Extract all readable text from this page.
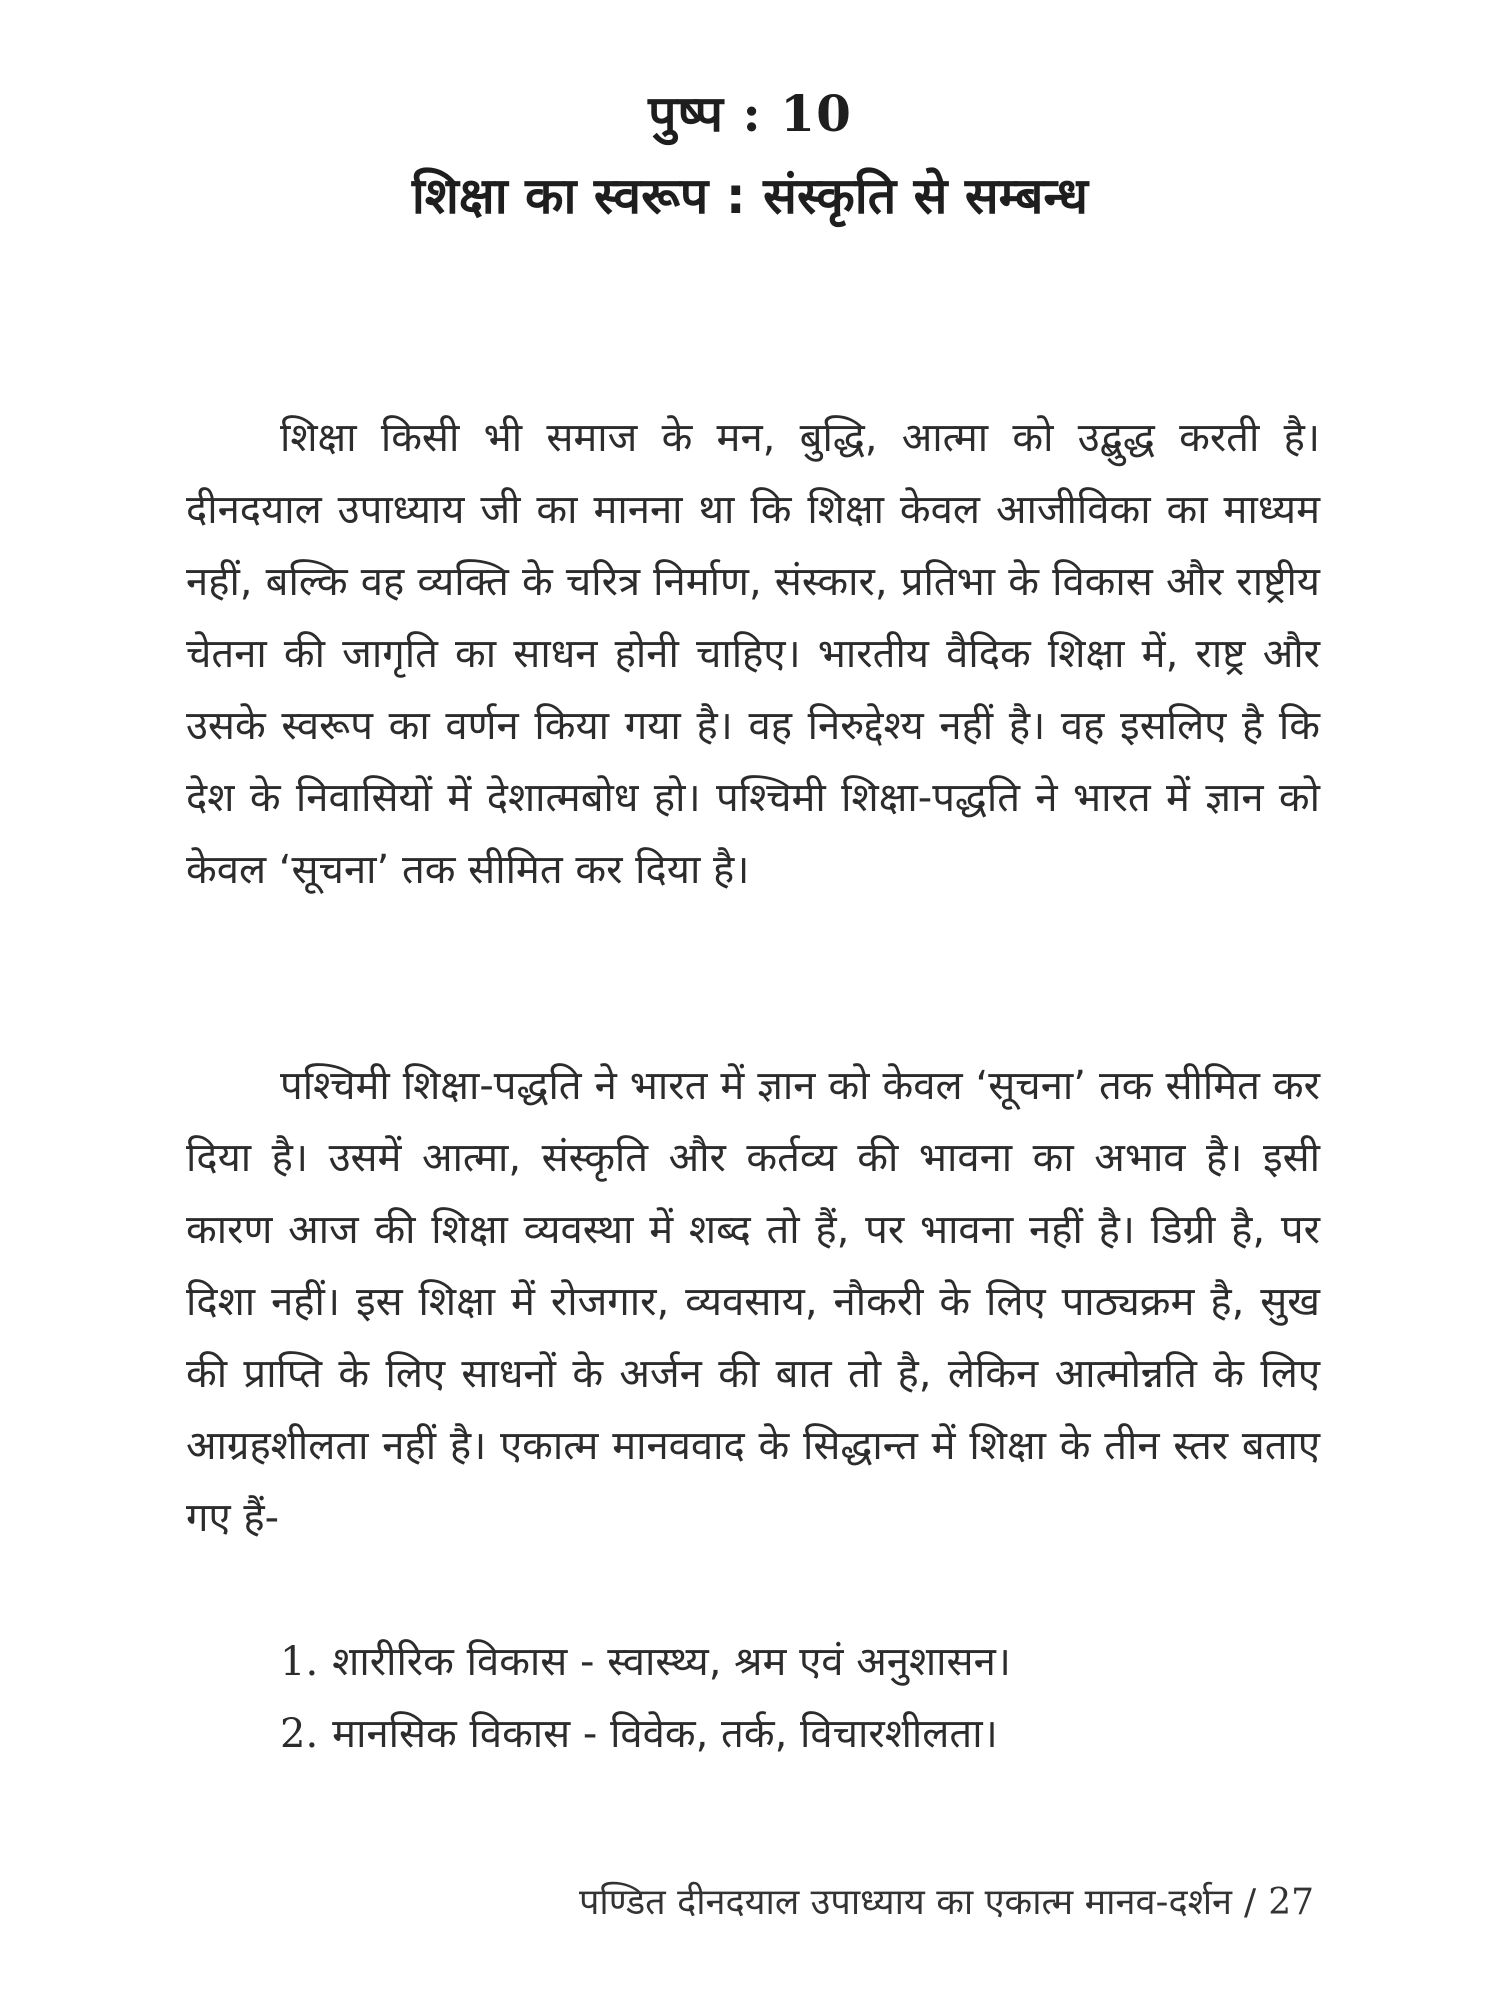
पुष्प : 10
शिक्षा का स्वरूप : संस्कृति से सम्बन्ध

शिक्षा किसी भी समाज के मन, बुद्धि, आत्मा को उद्बुद्ध करती है। दीनदयाल उपाध्याय जी का मानना था कि शिक्षा केवल आजीविका का माध्यम नहीं, बल्कि वह व्यक्ति के चरित्र निर्माण, संस्कार, प्रतिभा के विकास और राष्ट्रीय चेतना की जागृति का साधन होनी चाहिए। भारतीय वैदिक शिक्षा में, राष्ट्र और उसके स्वरूप का वर्णन किया गया है। वह निरुद्देश्य नहीं है। वह इसलिए है कि देश के निवासियों में देशात्मबोध हो। पश्चिमी शिक्षा-पद्धति ने भारत में ज्ञान को केवल ‘सूचना’ तक सीमित कर दिया है।

पश्चिमी शिक्षा-पद्धति ने भारत में ज्ञान को केवल ‘सूचना’ तक सीमित कर दिया है। उसमें आत्मा, संस्कृति और कर्तव्य की भावना का अभाव है। इसी कारण आज की शिक्षा व्यवस्था में शब्द तो हैं, पर भावना नहीं है। डिग्री है, पर दिशा नहीं। इस शिक्षा में रोजगार, व्यवसाय, नौकरी के लिए पाठ्यक्रम है, सुख की प्राप्ति के लिए साधनों के अर्जन की बात तो है, लेकिन आत्मोन्नति के लिए आग्रहशीलता नहीं है। एकात्म मानववाद के सिद्धान्त में शिक्षा के तीन स्तर बताए गए हैं-

1. शारीरिक विकास - स्वास्थ्य, श्रम एवं अनुशासन।
2. मानसिक विकास - विवेक, तर्क, विचारशीलता।
पण्डित दीनदयाल उपाध्याय का एकात्म मानव-दर्शन / 27
